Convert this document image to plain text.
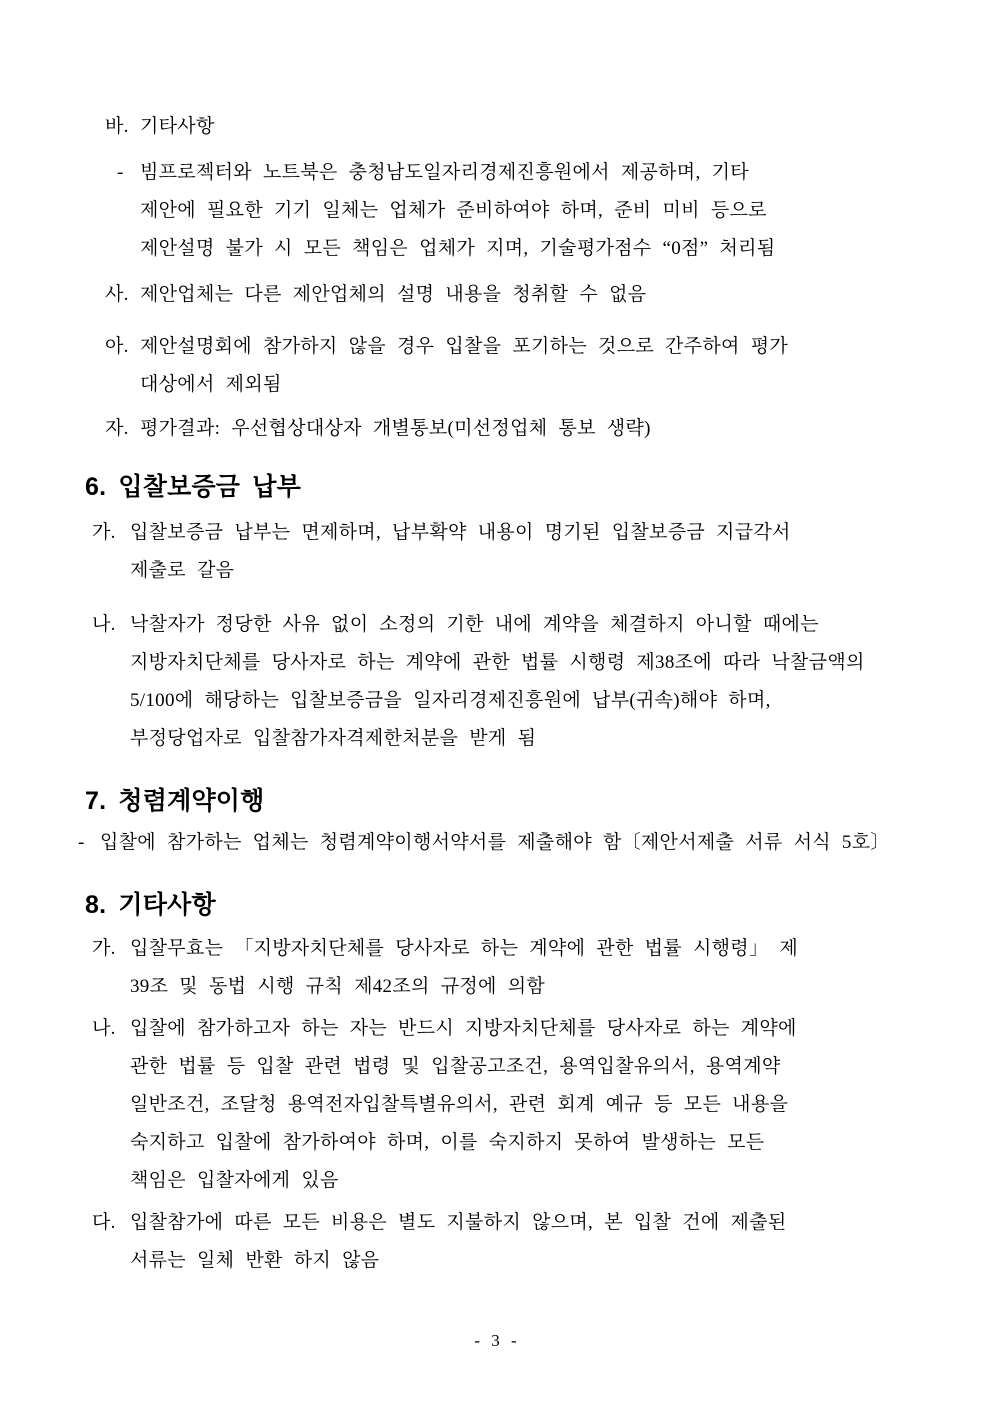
바. 기타사항
- 빔프로젝터와 노트북은 충청남도일자리경제진흥원에서 제공하며, 기타
제안에 필요한 기기 일체는 업체가 준비하여야 하며, 준비 미비 등으로
제안설명 불가 시 모든 책임은 업체가 지며, 기술평가점수 “0점” 처리됨
사. 제안업체는 다른 제안업체의 설명 내용을 청취할 수 없음
아. 제안설명회에 참가하지 않을 경우 입찰을 포기하는 것으로 간주하여 평가
대상에서 제외됨
자. 평가결과: 우선협상대상자 개별통보(미선정업체 통보 생략)
6. 입찰보증금 납부
가. 입찰보증금 납부는 면제하며, 납부확약 내용이 명기된 입찰보증금 지급각서
제출로 갈음
나. 낙찰자가 정당한 사유 없이 소정의 기한 내에 계약을 체결하지 아니할 때에는
지방자치단체를 당사자로 하는 계약에 관한 법률 시행령 제38조에 따라 낙찰금액의
5/100에 해당하는 입찰보증금을 일자리경제진흥원에 납부(귀속)해야 하며,
부정당업자로 입찰참가자격제한처분을 받게 됨
7. 청렴계약이행
- 입찰에 참가하는 업체는 청렴계약이행서약서를 제출해야 함〔제안서제출 서류 서식 5호〕
8. 기타사항
가. 입찰무효는 「지방자치단체를 당사자로 하는 계약에 관한 법률 시행령」 제
39조 및 동법 시행 규칙 제42조의 규정에 의함
나. 입찰에 참가하고자 하는 자는 반드시 지방자치단체를 당사자로 하는 계약에
관한 법률 등 입찰 관련 법령 및 입찰공고조건, 용역입찰유의서, 용역계약
일반조건, 조달청 용역전자입찰특별유의서, 관련 회계 예규 등 모든 내용을
숙지하고 입찰에 참가하여야 하며, 이를 숙지하지 못하여 발생하는 모든
책임은 입찰자에게 있음
다. 입찰참가에 따른 모든 비용은 별도 지불하지 않으며, 본 입찰 건에 제출된
서류는 일체 반환 하지 않음
- 3 -
